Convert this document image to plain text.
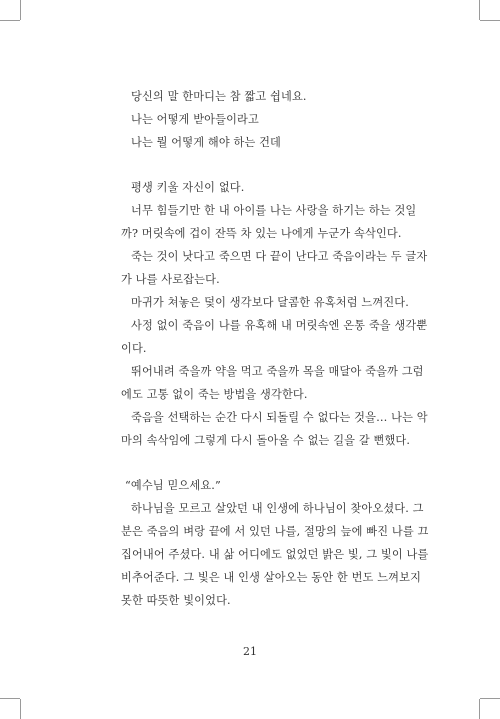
당신의 말 한마디는 참 짧고 쉽네요.
나는 어떻게 받아들이라고
나는 뭘 어떻게 해야 하는 건데
평생 키울 자신이 없다.
너무 힘들기만 한 내 아이를 나는 사랑을 하기는 하는 것일
까? 머릿속에 겁이 잔뜩 차 있는 나에게 누군가 속삭인다.
죽는 것이 낫다고 죽으면 다 끝이 난다고 죽음이라는 두 글자
가 나를 사로잡는다.
마귀가 쳐놓은 덫이 생각보다 달콤한 유혹처럼 느껴진다.
사정 없이 죽음이 나를 유혹해 내 머릿속엔 온통 죽을 생각뿐
이다.
뛰어내려 죽을까 약을 먹고 죽을까 목을 매달아 죽을까 그럼
에도 고통 없이 죽는 방법을 생각한다.
죽음을 선택하는 순간 다시 되돌릴 수 없다는 것을… 나는 악
마의 속삭임에 그렇게 다시 돌아올 수 없는 길을 갈 뻔했다.
“예수님 믿으세요.”
하나님을 모르고 살았던 내 인생에 하나님이 찾아오셨다. 그
분은 죽음의 벼랑 끝에 서 있던 나를, 절망의 늪에 빠진 나를 끄
집어내어 주셨다. 내 삶 어디에도 없었던 밝은 빛, 그 빛이 나를
비추어준다. 그 빛은 내 인생 살아오는 동안 한 번도 느껴보지
못한 따뜻한 빛이었다.
21
